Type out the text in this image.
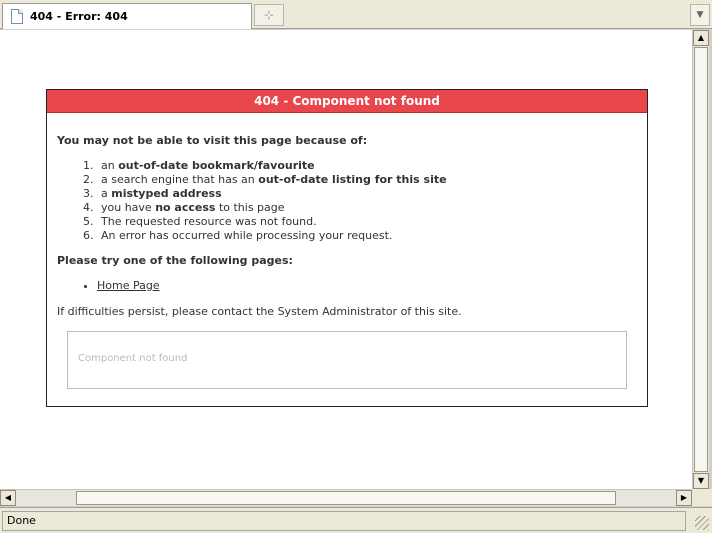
404 - Error: 404	⊹	▼
404 - Component not found
You may not be able to visit this page because of:
1. an out-of-date bookmark/favourite
2. a search engine that has an out-of-date listing for this site
3. a mistyped address
4. you have no access to this page
5. The requested resource was not found.
6. An error has occurred while processing your request.
Please try one of the following pages:
• Home Page
If difficulties persist, please contact the System Administrator of this site.
Component not found
▲
▼
◀	▶
Done
